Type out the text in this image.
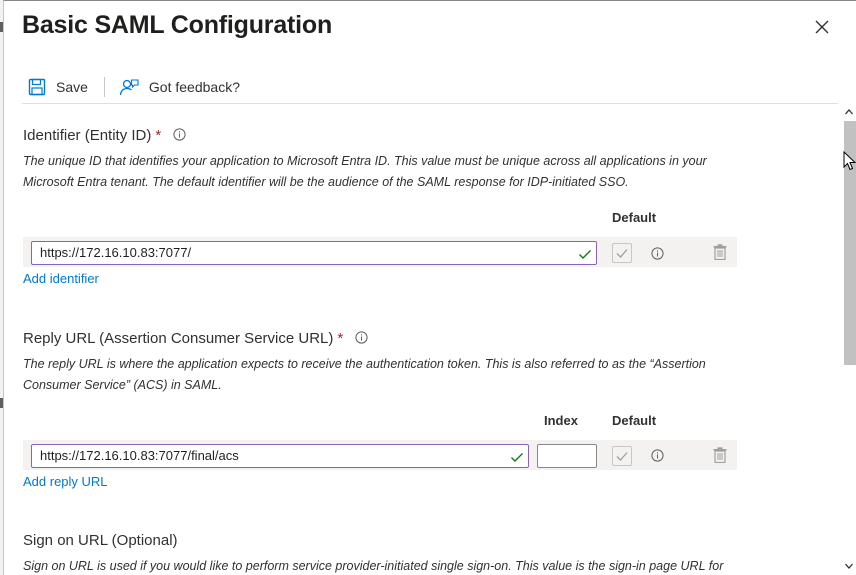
Basic SAML Configuration
Save	Got feedback?
Identifier (Entity ID) *
The unique ID that identifies your application to Microsoft Entra ID. This value must be unique across all applications in your Microsoft Entra tenant. The default identifier will be the audience of the SAML response for IDP-initiated SSO.
Default
https://172.16.10.83:7077/
Add identifier
Reply URL (Assertion Consumer Service URL) *
The reply URL is where the application expects to receive the authentication token. This is also referred to as the “Assertion Consumer Service” (ACS) in SAML.
Index	Default
https://172.16.10.83:7077/final/acs
Add reply URL
Sign on URL (Optional)
Sign on URL is used if you would like to perform service provider-initiated single sign-on. This value is the sign-in page URL for
